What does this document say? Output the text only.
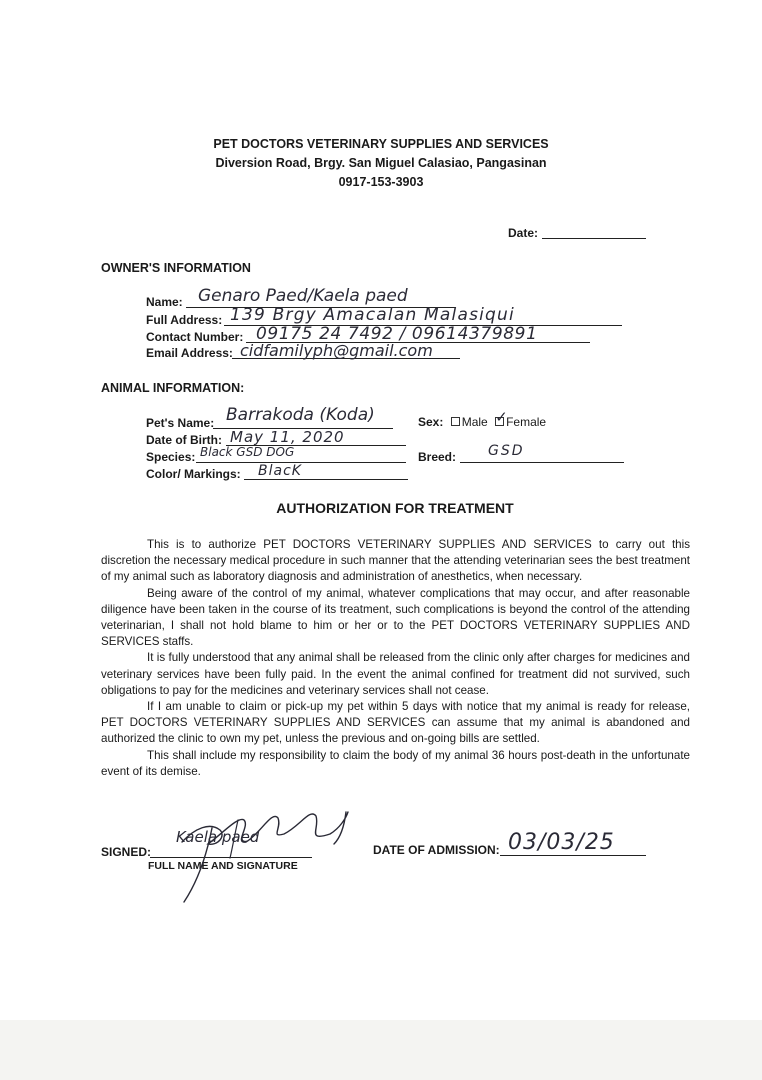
PET DOCTORS VETERINARY SUPPLIES AND SERVICES
Diversion Road, Brgy. San Miguel Calasiao, Pangasinan
0917-153-3903
Date:
OWNER'S INFORMATION
Name: Genaro Paed/Kaela paed
Full Address: 139 Brgy Amacalan Malasiqui
Contact Number: 09175 24 7492 / 09614379891
Email Address: cidfamilyph@gmail.com
ANIMAL INFORMATION:
Pet's Name: Barrakoda (Koda)	Sex: Male ✓
Female
Date of Birth: May 11, 2020
Species: Black GSD DOG	Breed: GSD
Color/ Markings: BlacK
AUTHORIZATION FOR TREATMENT

This is to authorize PET DOCTORS VETERINARY SUPPLIES AND SERVICES to carry out this discretion the necessary medical procedure in such manner that the attending veterinarian sees the best treatment of my animal such as laboratory diagnosis and administration of anesthetics, when necessary.

Being aware of the control of my animal, whatever complications that may occur, and after reasonable diligence have been taken in the course of its treatment, such complications is beyond the control of the attending veterinarian, I shall not hold blame to him or her or to the PET DOCTORS VETERINARY SUPPLIES AND SERVICES staffs.

It is fully understood that any animal shall be released from the clinic only after charges for medicines and veterinary services have been fully paid. In the event the animal confined for treatment did not survived, such obligations to pay for the medicines and veterinary services shall not cease.

If I am unable to claim or pick-up my pet within 5 days with notice that my animal is ready for release, PET DOCTORS VETERINARY SUPPLIES AND SERVICES can assume that my animal is abandoned and authorized the clinic to own my pet, unless the previous and on-going bills are settled.

This shall include my responsibility to claim the body of my animal 36 hours post-death in the unfortunate event of its demise.

SIGNED:
FULL NAME AND SIGNATURE
Kaela paed
DATE OF ADMISSION: 03/03/25
